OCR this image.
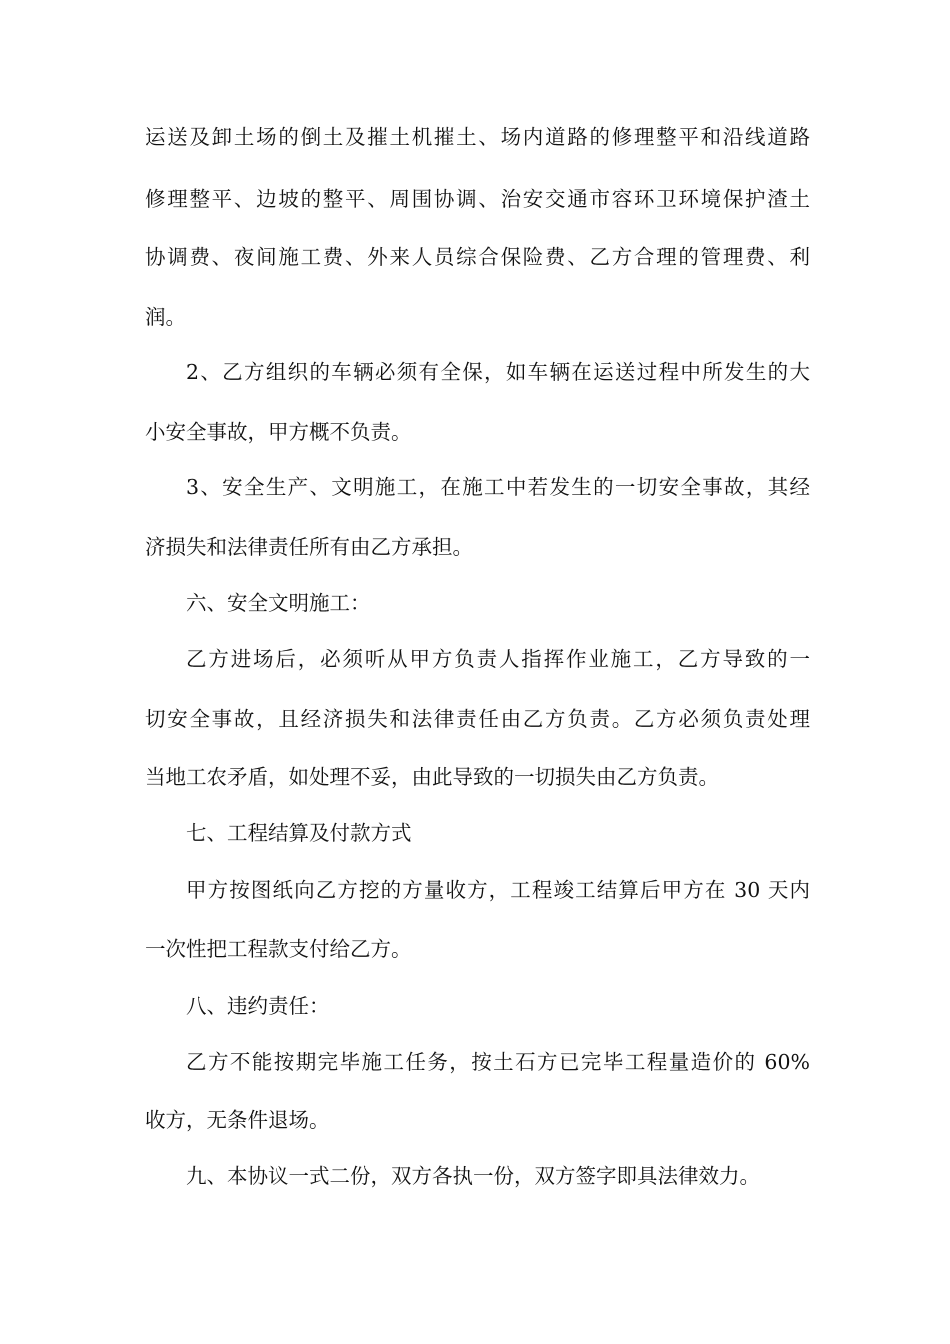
运送及卸土场的倒土及摧土机摧土、场内道路的修理整平和沿线道路
修理整平、边坡的整平、周围协调、治安交通市容环卫环境保护渣土
协调费、夜间施工费、外来人员综合保险费、乙方合理的管理费、利
润。
2、乙方组织的车辆必须有全保，如车辆在运送过程中所发生的大
小安全事故，甲方概不负责。
3、安全生产、文明施工，在施工中若发生的一切安全事故，其经
济损失和法律责任所有由乙方承担。
六、安全文明施工：
乙方进场后，必须听从甲方负责人指挥作业施工，乙方导致的一
切安全事故，且经济损失和法律责任由乙方负责。乙方必须负责处理
当地工农矛盾，如处理不妥，由此导致的一切损失由乙方负责。
七、工程结算及付款方式
甲方按图纸向乙方挖的方量收方，工程竣工结算后甲方在 30 天内
一次性把工程款支付给乙方。
八、违约责任：
乙方不能按期完毕施工任务，按土石方已完毕工程量造价的 60%
收方，无条件退场。
九、本协议一式二份，双方各执一份，双方签字即具法律效力。
